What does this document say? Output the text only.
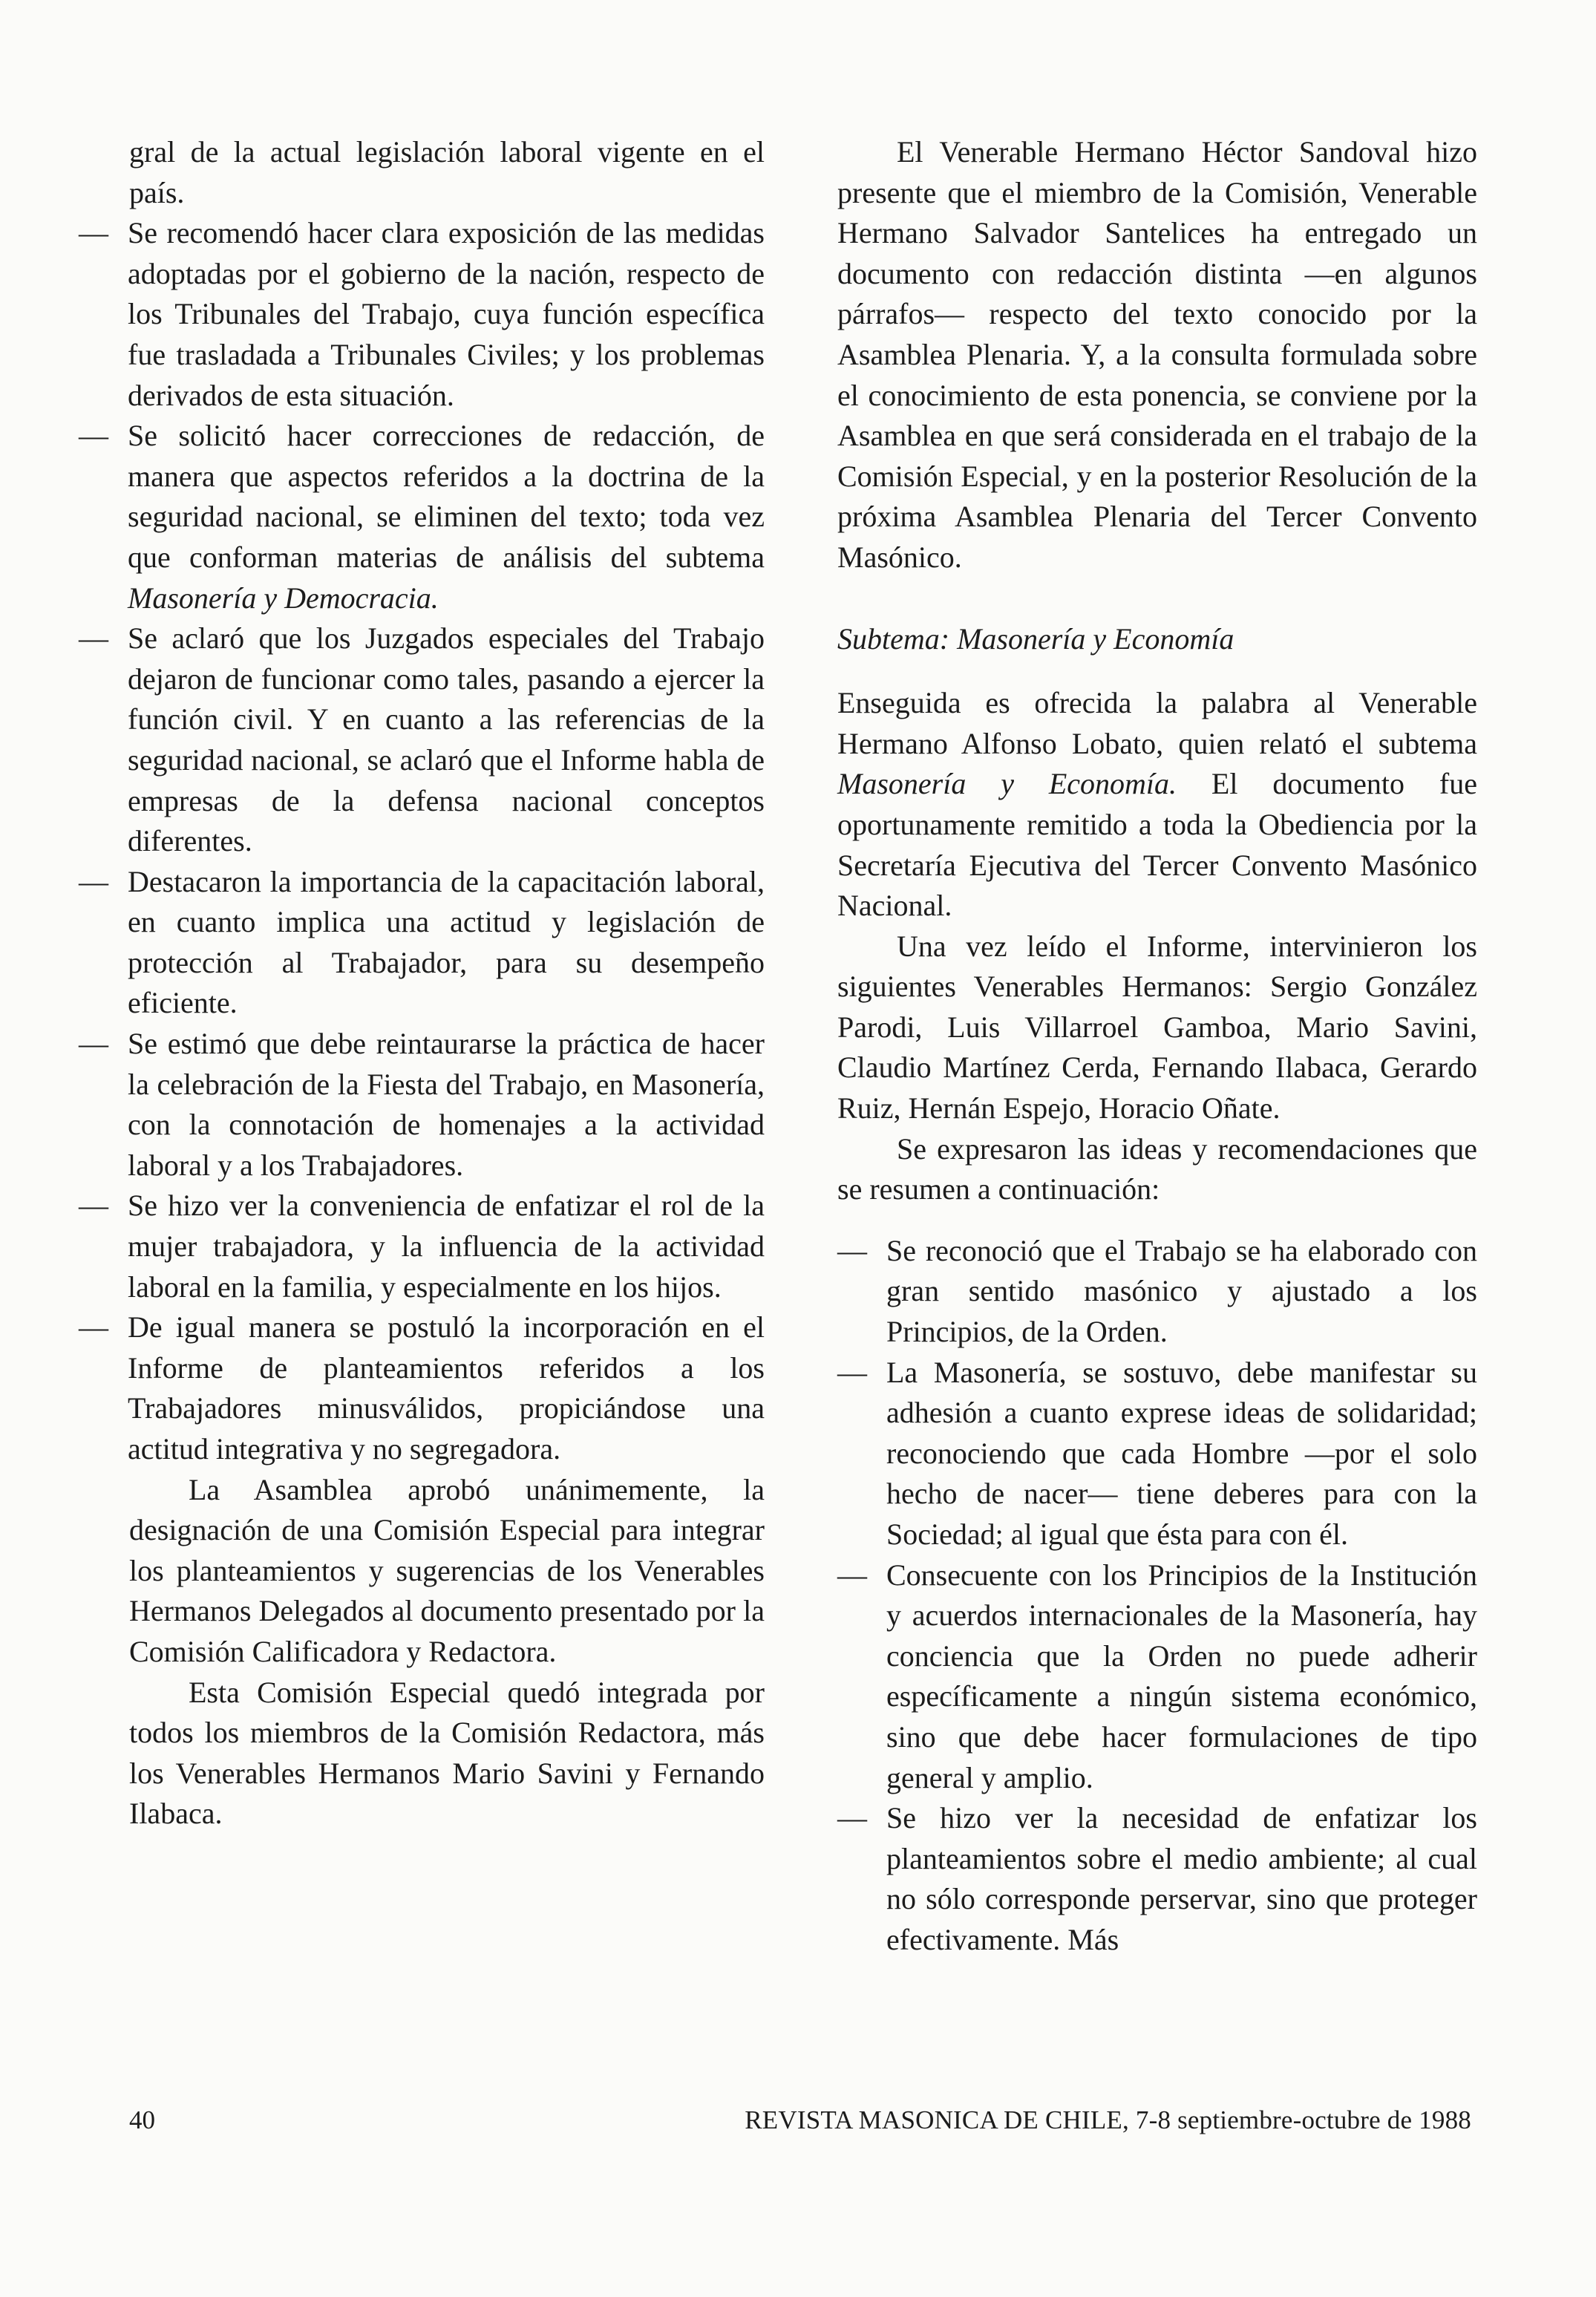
gral de la actual legislación laboral vigente en el país.

— Se recomendó hacer clara exposición de las medidas adoptadas por el gobierno de la nación, respecto de los Tribunales del Trabajo, cuya función específica fue trasladada a Tribunales Civiles; y los problemas derivados de esta situación.

— Se solicitó hacer correcciones de redacción, de manera que aspectos referidos a la doctrina de la seguridad nacional, se eliminen del texto; toda vez que conforman materias de análisis del subtema Masonería y Democracia.

— Se aclaró que los Juzgados especiales del Trabajo dejaron de funcionar como tales, pasando a ejercer la función civil. Y en cuanto a las referencias de la seguridad nacional, se aclaró que el Informe habla de empresas de la defensa nacional conceptos diferentes.

— Destacaron la importancia de la capacitación laboral, en cuanto implica una actitud y legislación de protección al Trabajador, para su desempeño eficiente.

— Se estimó que debe reintaurarse la práctica de hacer la celebración de la Fiesta del Trabajo, en Masonería, con la connotación de homenajes a la actividad laboral y a los Trabajadores.

— Se hizo ver la conveniencia de enfatizar el rol de la mujer trabajadora, y la influencia de la actividad laboral en la familia, y especialmente en los hijos.

— De igual manera se postuló la incorporación en el Informe de planteamientos referidos a los Trabajadores minusválidos, propiciándose una actitud integrativa y no segregadora.

La Asamblea aprobó unánimemente, la designación de una Comisión Especial para integrar los planteamientos y sugerencias de los Venerables Hermanos Delegados al documento presentado por la Comisión Calificadora y Redactora.

Esta Comisión Especial quedó integrada por todos los miembros de la Comisión Redactora, más los Venerables Hermanos Mario Savini y Fernando Ilabaca.

El Venerable Hermano Héctor Sandoval hizo presente que el miembro de la Comisión, Venerable Hermano Salvador Santelices ha entregado un documento con redacción distinta —en algunos párrafos— respecto del texto conocido por la Asamblea Plenaria. Y, a la consulta formulada sobre el conocimiento de esta ponencia, se conviene por la Asamblea en que será considerada en el trabajo de la Comisión Especial, y en la posterior Resolución de la próxima Asamblea Plenaria del Tercer Convento Masónico.

Subtema: Masonería y Economía

Enseguida es ofrecida la palabra al Venerable Hermano Alfonso Lobato, quien relató el subtema Masonería y Economía. El documento fue oportunamente remitido a toda la Obediencia por la Secretaría Ejecutiva del Tercer Convento Masónico Nacional.

Una vez leído el Informe, intervinieron los siguientes Venerables Hermanos: Sergio González Parodi, Luis Villarroel Gamboa, Mario Savini, Claudio Martínez Cerda, Fernando Ilabaca, Gerardo Ruiz, Hernán Espejo, Horacio Oñate.

Se expresaron las ideas y recomendaciones que se resumen a continuación:

— Se reconoció que el Trabajo se ha elaborado con gran sentido masónico y ajustado a los Principios, de la Orden.

— La Masonería, se sostuvo, debe manifestar su adhesión a cuanto exprese ideas de solidaridad; reconociendo que cada Hombre —por el solo hecho de nacer— tiene deberes para con la Sociedad; al igual que ésta para con él.

— Consecuente con los Principios de la Institución y acuerdos internacionales de la Masonería, hay conciencia que la Orden no puede adherir específicamente a ningún sistema económico, sino que debe hacer formulaciones de tipo general y amplio.

— Se hizo ver la necesidad de enfatizar los planteamientos sobre el medio ambiente; al cual no sólo corresponde perservar, sino que proteger efectivamente. Más

40	REVISTA MASONICA DE CHILE, 7-8 septiembre-octubre de 1988
